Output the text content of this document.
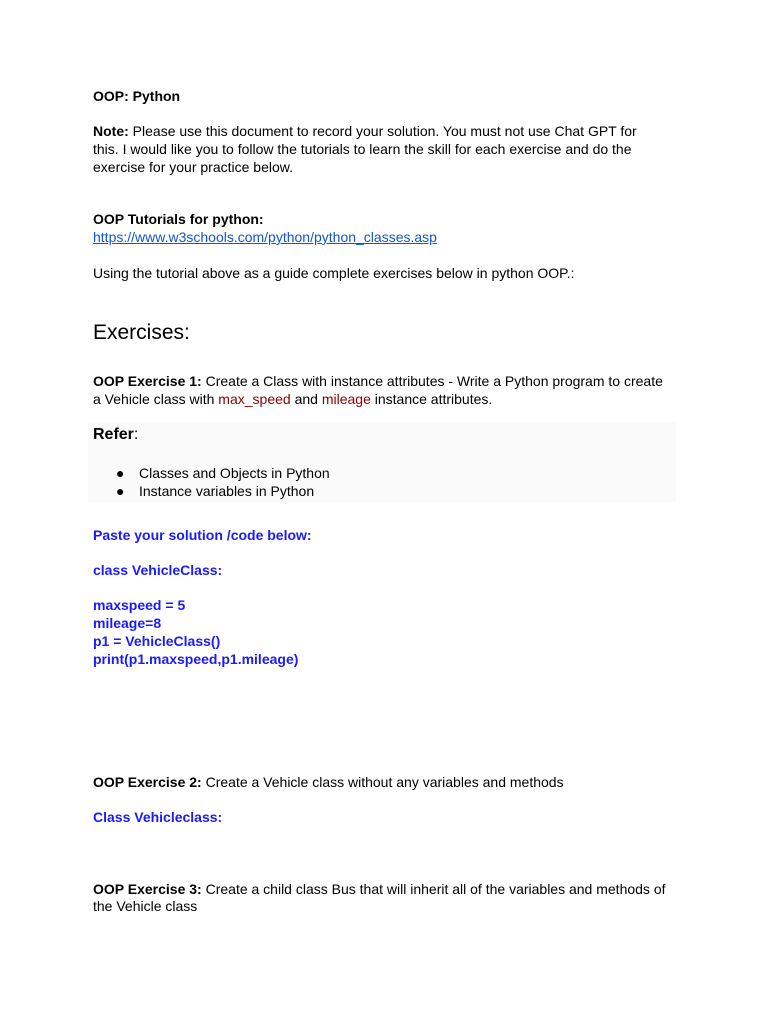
OOP: Python
Note: Please use this document to record your solution. You must not use Chat GPT for
this. I would like you to follow the tutorials to learn the skill for each exercise and do the
exercise for your practice below.
OOP Tutorials for python:
https://www.w3schools.com/python/python_classes.asp
Using the tutorial above as a guide complete exercises below in python OOP.:
Exercises:
OOP Exercise 1: Create a Class with instance attributes - Write a Python program to create
a Vehicle class with max_speed and mileage instance attributes.
Refer:
● Classes and Objects in Python
● Instance variables in Python
Paste your solution /code below:
class VehicleClass:
maxspeed = 5
mileage=8
p1 = VehicleClass()
print(p1.maxspeed,p1.mileage)
OOP Exercise 2: Create a Vehicle class without any variables and methods
Class Vehicleclass:
OOP Exercise 3: Create a child class Bus that will inherit all of the variables and methods of
the Vehicle class
